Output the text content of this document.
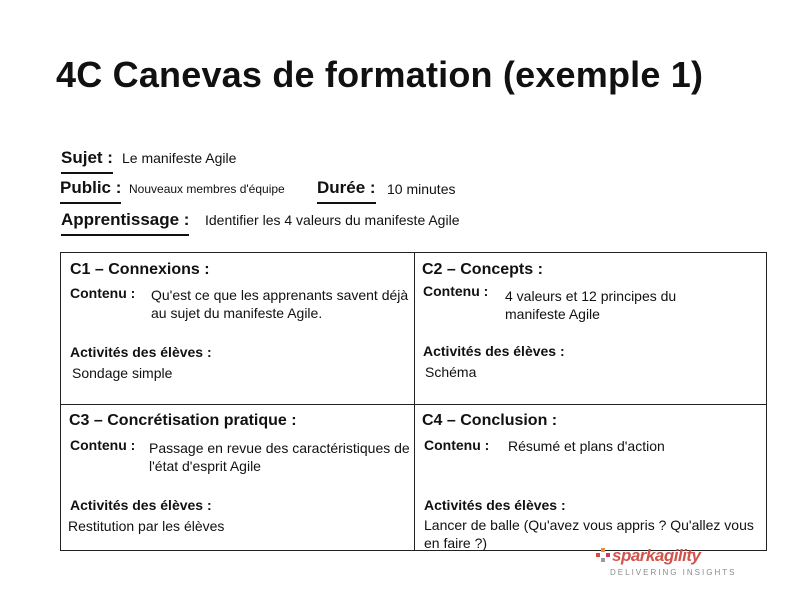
4C Canevas de formation (exemple 1)
Sujet : Le manifeste Agile
Public : Nouveaux membres d'équipe Durée : 10 minutes
Apprentissage : Identifier les 4 valeurs du manifeste Agile
C1 – Connexions :
Contenu : Qu'est ce que les apprenants savent déjà au sujet du manifeste Agile.
Activités des élèves :
Sondage simple
C2 – Concepts :
Contenu : 4 valeurs et 12 principes du manifeste Agile
Activités des élèves :
Schéma
C3 – Concrétisation pratique :
Contenu : Passage en revue des caractéristiques de l'état d'esprit Agile
Activités des élèves :
Restitution par les élèves
C4 – Conclusion :
Contenu : Résumé et plans d'action
Activités des élèves :
Lancer de balle (Qu'avez vous appris ? Qu'allez vous en faire ?)
sparkagility
DELIVERING INSIGHTS
